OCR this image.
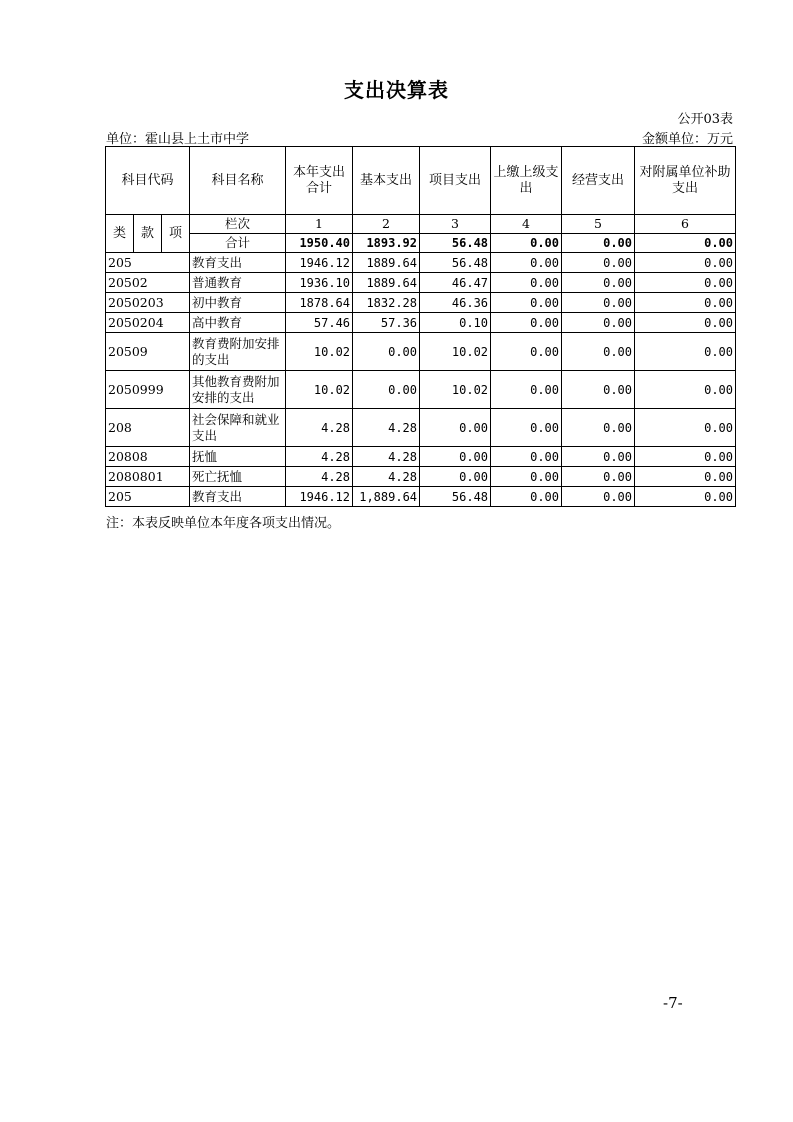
支出决算表
公开03表
单位：霍山县上土市中学	金额单位：万元
科目代码			科目名称	本年支出合计	基本支出	项目支出	上缴上级支出	经营支出	对附属单位补助支出
类	款	项	栏次	1	2	3	4	5	6
			合计	1950.40	1893.92	56.48	0.00	0.00	0.00
205			教育支出	1946.12	1889.64	56.48	0.00	0.00	0.00
20502			普通教育	1936.10	1889.64	46.47	0.00	0.00	0.00
2050203			初中教育	1878.64	1832.28	46.36	0.00	0.00	0.00
2050204			高中教育	57.46	57.36	0.10	0.00	0.00	0.00
20509			教育费附加安排的支出	10.02	0.00	10.02	0.00	0.00	0.00
2050999			其他教育费附加安排的支出	10.02	0.00	10.02	0.00	0.00	0.00
208			社会保障和就业支出	4.28	4.28	0.00	0.00	0.00	0.00
20808			抚恤	4.28	4.28	0.00	0.00	0.00	0.00
2080801			死亡抚恤	4.28	4.28	0.00	0.00	0.00	0.00
205			教育支出	1946.12	1,889.64	56.48	0.00	0.00	0.00
注：本表反映单位本年度各项支出情况。
-7-
